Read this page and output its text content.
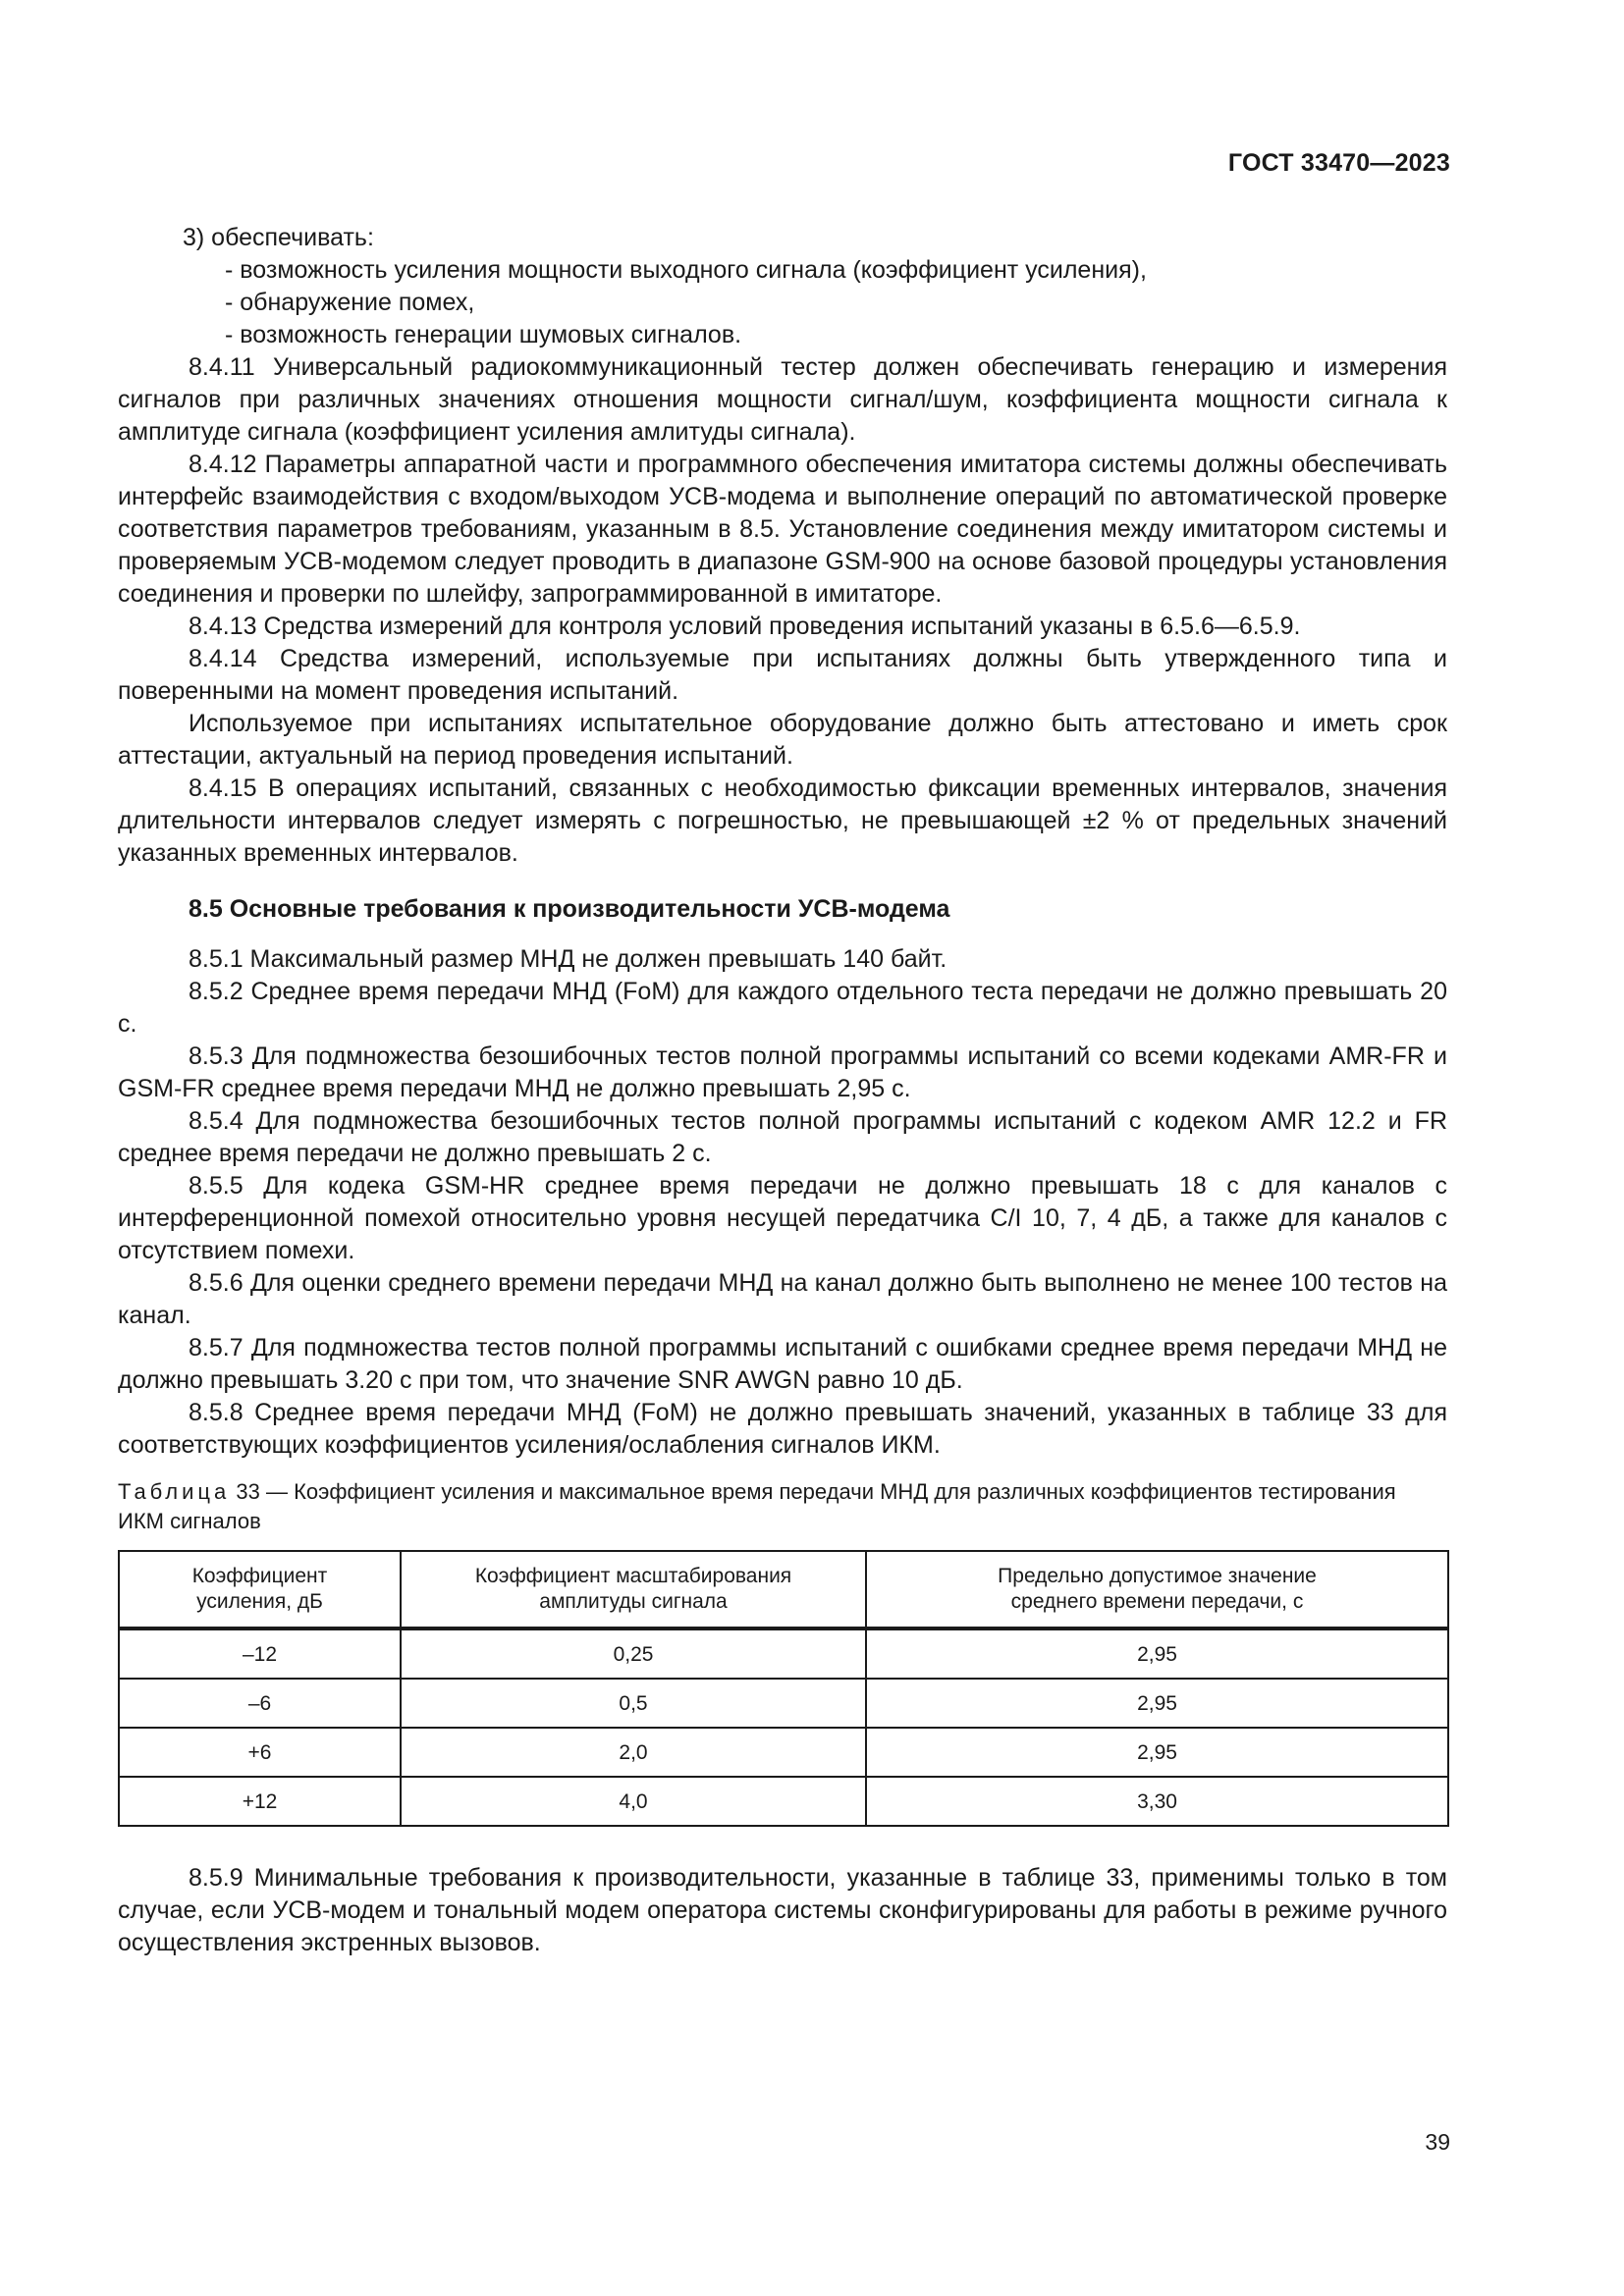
ГОСТ 33470—2023

3) обеспечивать:

- возможность усиления мощности выходного сигнала (коэффициент усиления),

- обнаружение помех,

- возможность генерации шумовых сигналов.

8.4.11 Универсальный радиокоммуникационный тестер должен обеспечивать генерацию и измерения сигналов при различных значениях отношения мощности сигнал/шум, коэффициента мощности сигнала к амплитуде сигнала (коэффициент усиления амлитуды сигнала).

8.4.12 Параметры аппаратной части и программного обеспечения имитатора системы должны обеспечивать интерфейс взаимодействия с входом/выходом УСВ-модема и выполнение операций по автоматической проверке соответствия параметров требованиям, указанным в 8.5. Установление соединения между имитатором системы и проверяемым УСВ-модемом следует проводить в диапазоне GSM-900 на основе базовой процедуры установления соединения и проверки по шлейфу, запрограммированной в имитаторе.

8.4.13 Средства измерений для контроля условий проведения испытаний указаны в 6.5.6—6.5.9.

8.4.14 Средства измерений, используемые при испытаниях должны быть утвержденного типа и поверенными на момент проведения испытаний.

Используемое при испытаниях испытательное оборудование должно быть аттестовано и иметь срок аттестации, актуальный на период проведения испытаний.

8.4.15 В операциях испытаний, связанных с необходимостью фиксации временных интервалов, значения длительности интервалов следует измерять с погрешностью, не превышающей ±2 % от предельных значений указанных временных интервалов.

8.5 Основные требования к производительности УСВ-модема

8.5.1 Максимальный размер МНД не должен превышать 140 байт.

8.5.2 Среднее время передачи МНД (FoM) для каждого отдельного теста передачи не должно превышать 20 с.

8.5.3 Для подмножества безошибочных тестов полной программы испытаний со всеми кодеками AMR-FR и GSM-FR среднее время передачи МНД не должно превышать 2,95 с.

8.5.4 Для подмножества безошибочных тестов полной программы испытаний с кодеком AMR 12.2 и FR среднее время передачи не должно превышать 2 с.

8.5.5 Для кодека GSM-HR среднее время передачи не должно превышать 18 с для каналов с интерференционной помехой относительно уровня несущей передатчика C/I 10, 7, 4 дБ, а также для каналов с отсутствием помехи.

8.5.6 Для оценки среднего времени передачи МНД на канал должно быть выполнено не менее 100 тестов на канал.

8.5.7 Для подмножества тестов полной программы испытаний с ошибками среднее время передачи МНД не должно превышать 3.20 с при том, что значение SNR AWGN равно 10 дБ.

8.5.8 Среднее время передачи МНД (FoM) не должно превышать значений, указанных в таблице 33 для соответствующих коэффициентов усиления/ослабления сигналов ИКМ.

Таблица 33 — Коэффициент усиления и максимальное время передачи МНД для различных коэффициентов тестирования ИКМ сигналов

Коэффициент
усиления, дБ	Коэффициент масштабирования
амплитуды сигнала	Предельно допустимое значение
среднего времени передачи, с
–12	0,25	2,95
–6	0,5	2,95
+6	2,0	2,95
+12	4,0	3,30

8.5.9 Минимальные требования к производительности, указанные в таблице 33, применимы только в том случае, если УСВ-модем и тональный модем оператора системы сконфигурированы для работы в режиме ручного осуществления экстренных вызовов.

39
